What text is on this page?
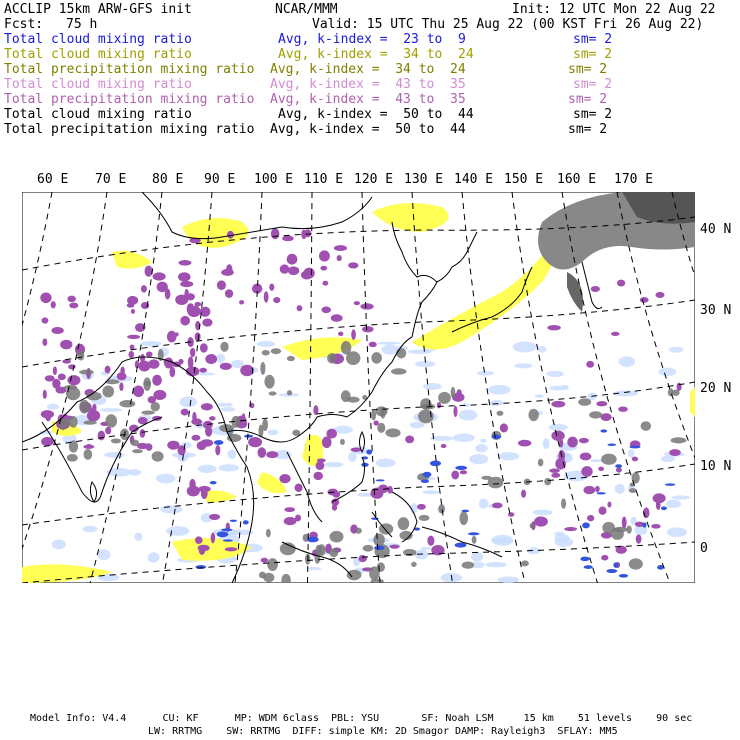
ACCLIP 15km ARW-GFS init	NCAR/MMM	Init: 12 UTC Mon 22 Aug 22
Fcst: 75 h	Valid: 15 UTC Thu 25 Aug 22 (00 KST Fri 26 Aug 22)
Total cloud mixing ratio	Avg, k-index =  23 to  9	sm= 2
Total cloud mixing ratio	Avg, k-index =  34 to  24	sm= 2
Total precipitation mixing ratio Avg, k-index =  34 to  24	sm= 2
Total cloud mixing ratio	Avg, k-index =  43 to  35	sm= 2
Total precipitation mixing ratio Avg, k-index =  43 to  35	sm= 2
Total cloud mixing ratio	Avg, k-index =  50 to  44	sm= 2
Total precipitation mixing ratio Avg, k-index =  50 to  44	sm= 2
60 E 70 E 80 E 90 E 100 E 110 E 120 E 130 E 140 E 150 E 160 E 170 E
40 N
30 N
20 N
10 N
0
Model Info: V4.4      CU: KF      MP: WDM 6class  PBL: YSU       SF: Noah LSM     15 km    51 levels    90 sec
LW: RRTMG    SW: RRTMG  DIFF: simple KM: 2D Smagor DAMP: Rayleigh3  SFLAY: MM5
